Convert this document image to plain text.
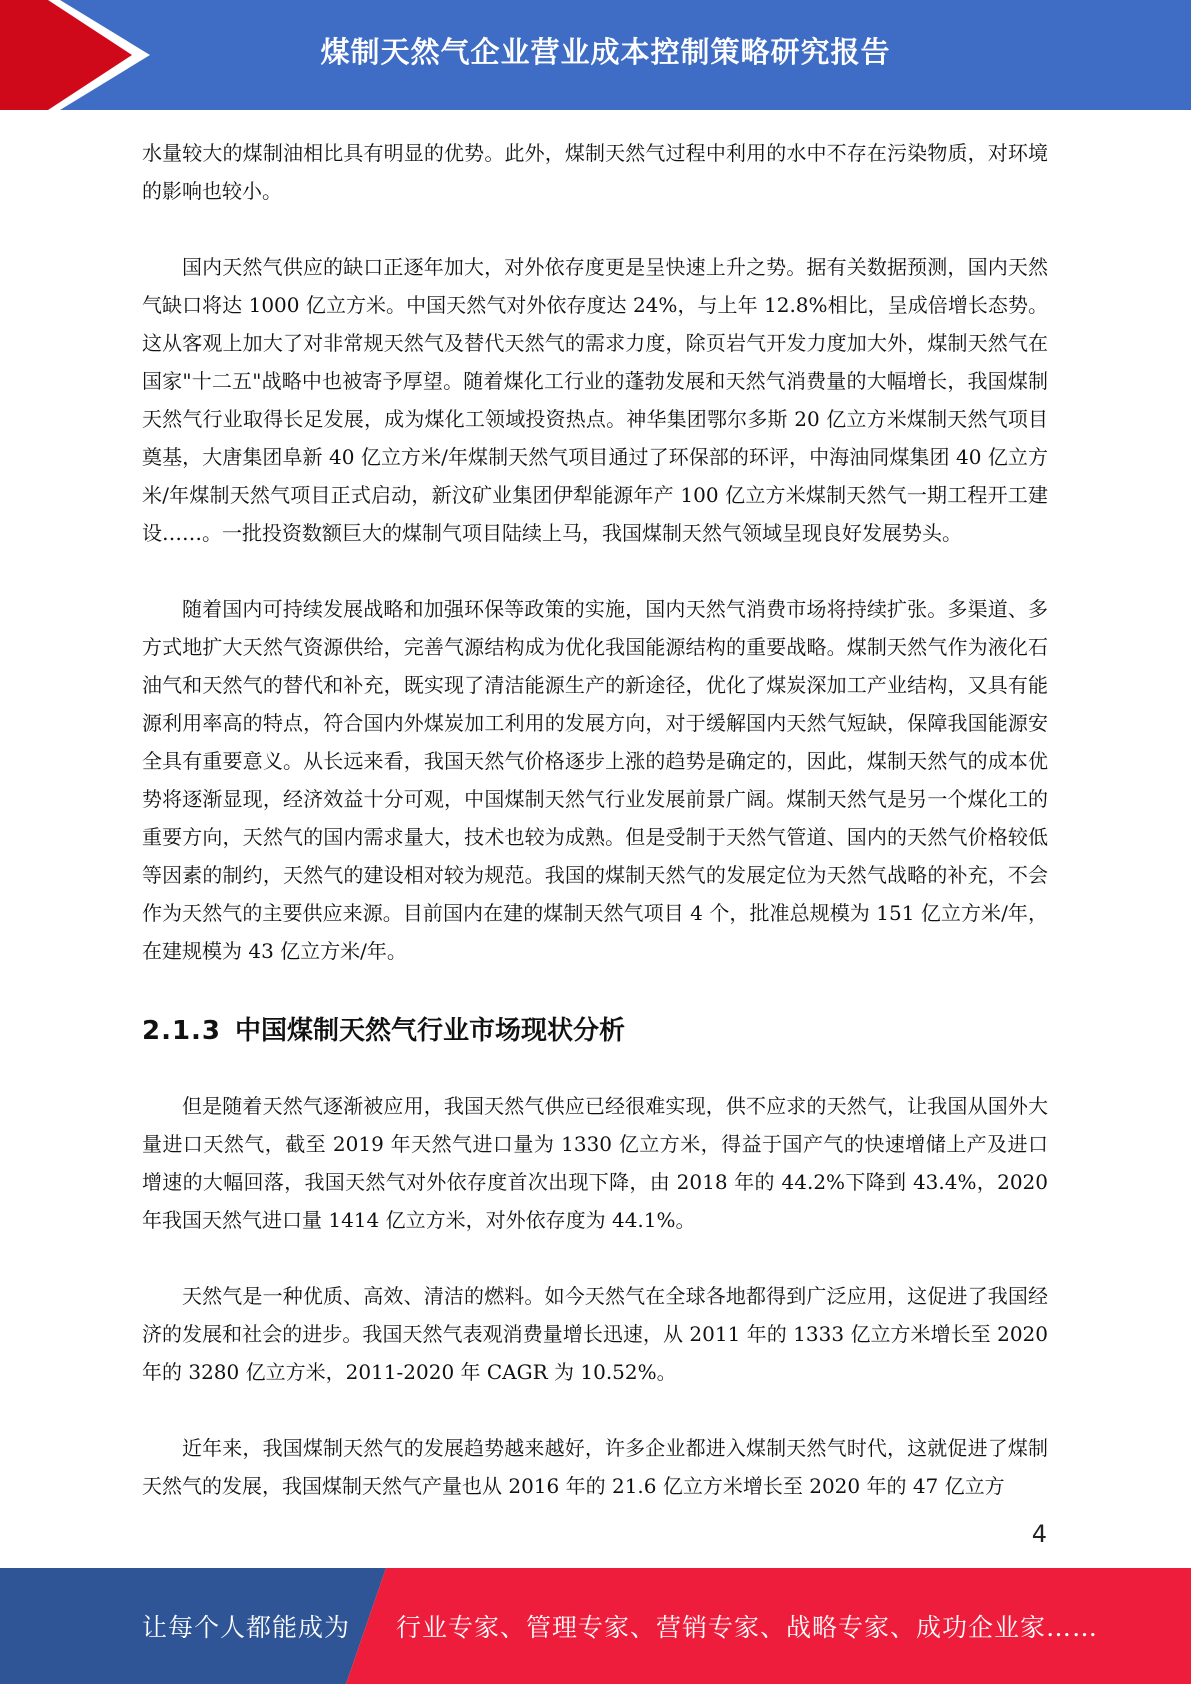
煤制天然气企业营业成本控制策略研究报告

水量较大的煤制油相比具有明显的优势。此外，煤制天然气过程中利用的水中不存在污染物质，对环境的影响也较小。

国内天然气供应的缺口正逐年加大，对外依存度更是呈快速上升之势。据有关数据预测，国内天然气缺口将达 1000 亿立方米。中国天然气对外依存度达 24%，与上年 12.8%相比，呈成倍增长态势。这从客观上加大了对非常规天然气及替代天然气的需求力度，除页岩气开发力度加大外，煤制天然气在国家"十二五"战略中也被寄予厚望。随着煤化工行业的蓬勃发展和天然气消费量的大幅增长，我国煤制天然气行业取得长足发展，成为煤化工领域投资热点。神华集团鄂尔多斯 20 亿立方米煤制天然气项目奠基，大唐集团阜新 40 亿立方米/年煤制天然气项目通过了环保部的环评，中海油同煤集团 40 亿立方米/年煤制天然气项目正式启动，新汶矿业集团伊犁能源年产 100 亿立方米煤制天然气一期工程开工建设……。一批投资数额巨大的煤制气项目陆续上马，我国煤制天然气领域呈现良好发展势头。

随着国内可持续发展战略和加强环保等政策的实施，国内天然气消费市场将持续扩张。多渠道、多方式地扩大天然气资源供给，完善气源结构成为优化我国能源结构的重要战略。煤制天然气作为液化石油气和天然气的替代和补充，既实现了清洁能源生产的新途径，优化了煤炭深加工产业结构，又具有能源利用率高的特点，符合国内外煤炭加工利用的发展方向，对于缓解国内天然气短缺，保障我国能源安全具有重要意义。从长远来看，我国天然气价格逐步上涨的趋势是确定的，因此，煤制天然气的成本优势将逐渐显现，经济效益十分可观，中国煤制天然气行业发展前景广阔。煤制天然气是另一个煤化工的重要方向，天然气的国内需求量大，技术也较为成熟。但是受制于天然气管道、国内的天然气价格较低等因素的制约，天然气的建设相对较为规范。我国的煤制天然气的发展定位为天然气战略的补充，不会作为天然气的主要供应来源。目前国内在建的煤制天然气项目 4 个，批准总规模为 151 亿立方米/年，在建规模为 43 亿立方米/年。

2.1.3 中国煤制天然气行业市场现状分析

但是随着天然气逐渐被应用，我国天然气供应已经很难实现，供不应求的天然气，让我国从国外大量进口天然气，截至 2019 年天然气进口量为 1330 亿立方米，得益于国产气的快速增储上产及进口增速的大幅回落，我国天然气对外依存度首次出现下降，由 2018 年的 44.2%下降到 43.4%，2020 年我国天然气进口量 1414 亿立方米，对外依存度为 44.1%。

天然气是一种优质、高效、清洁的燃料。如今天然气在全球各地都得到广泛应用，这促进了我国经济的发展和社会的进步。我国天然气表观消费量增长迅速，从 2011 年的 1333 亿立方米增长至 2020 年的 3280 亿立方米，2011-2020 年 CAGR 为 10.52%。

近年来，我国煤制天然气的发展趋势越来越好，许多企业都进入煤制天然气时代，这就促进了煤制天然气的发展，我国煤制天然气产量也从 2016 年的 21.6 亿立方米增长至 2020 年的 47 亿立方

4
让每个人都能成为 行业专家、管理专家、营销专家、战略专家、成功企业家……
